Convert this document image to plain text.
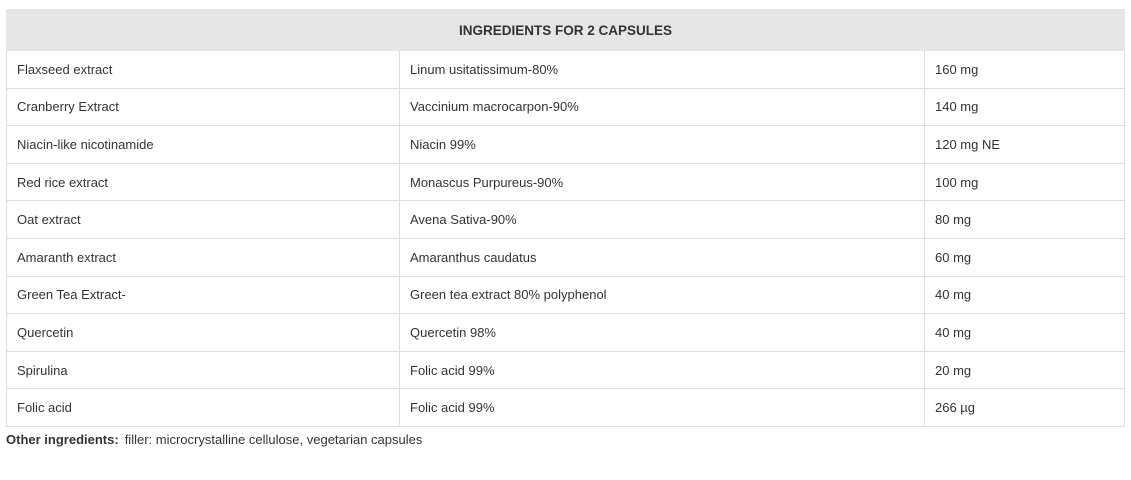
INGREDIENTS FOR 2 CAPSULES		
Flaxseed extract	Linum usitatissimum-80%	160 mg
Cranberry Extract	Vaccinium macrocarpon-90%	140 mg
Niacin-like nicotinamide	Niacin 99%	120 mg NE
Red rice extract	Monascus Purpureus-90%	100 mg
Oat extract	Avena Sativa-90%	80 mg
Amaranth extract	Amaranthus caudatus	60 mg
Green Tea Extract-	Green tea extract 80% polyphenol	40 mg
Quercetin	Quercetin 98%	40 mg
Spirulina	Folic acid 99%	20 mg
Folic acid	Folic acid 99%	266 µg
Other ingredients: filler: microcrystalline cellulose, vegetarian capsules
